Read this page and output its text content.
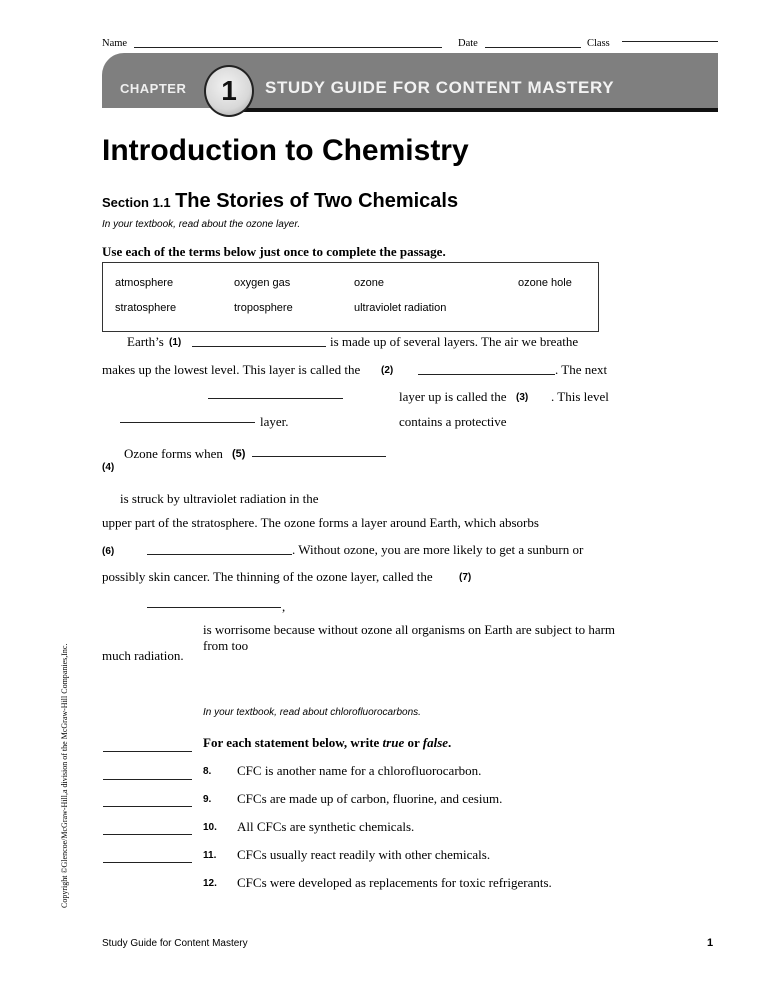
Name	Date	Class
CHAPTER	1	STUDY GUIDE FOR CONTENT MASTERY
Introduction to Chemistry
Section 1.1 The Stories of Two Chemicals
In your textbook, read about the ozone layer.
Use each of the terms below just once to complete the passage.
atmosphere	oxygen gas	ozone	ozone hole
stratosphere	troposphere	ultraviolet radiation
Earth’s (1)	is made up of several layers. The air we breathe
makes up the lowest level. This layer is called the (2)	. The next
layer up is called the (3) . This level
layer.	contains a protective
Ozone forms when (5)
(4)
is struck by ultraviolet radiation in the
upper part of the stratosphere. The ozone forms a layer around Earth, which absorbs
(6)	. Without ozone, you are more likely to get a sunburn or
possibly skin cancer. The thinning of the ozone layer, called the	(7)
,
is worrisome because without ozone all organisms on Earth are subject to harm from too
much radiation.
In your textbook, read about chlorofluorocarbons.
For each statement below, write true or false.
8. CFC is another name for a chlorofluorocarbon.
9. CFCs are made up of carbon, fluorine, and cesium.
10. All CFCs are synthetic chemicals.
11. CFCs usually react readily with other chemicals.
12. CFCs were developed as replacements for toxic refrigerants.
Copyright ©Glencoe/McGraw-Hill,a division of the McGraw-Hill Companies,Inc.
Study Guide for Content Mastery	1
